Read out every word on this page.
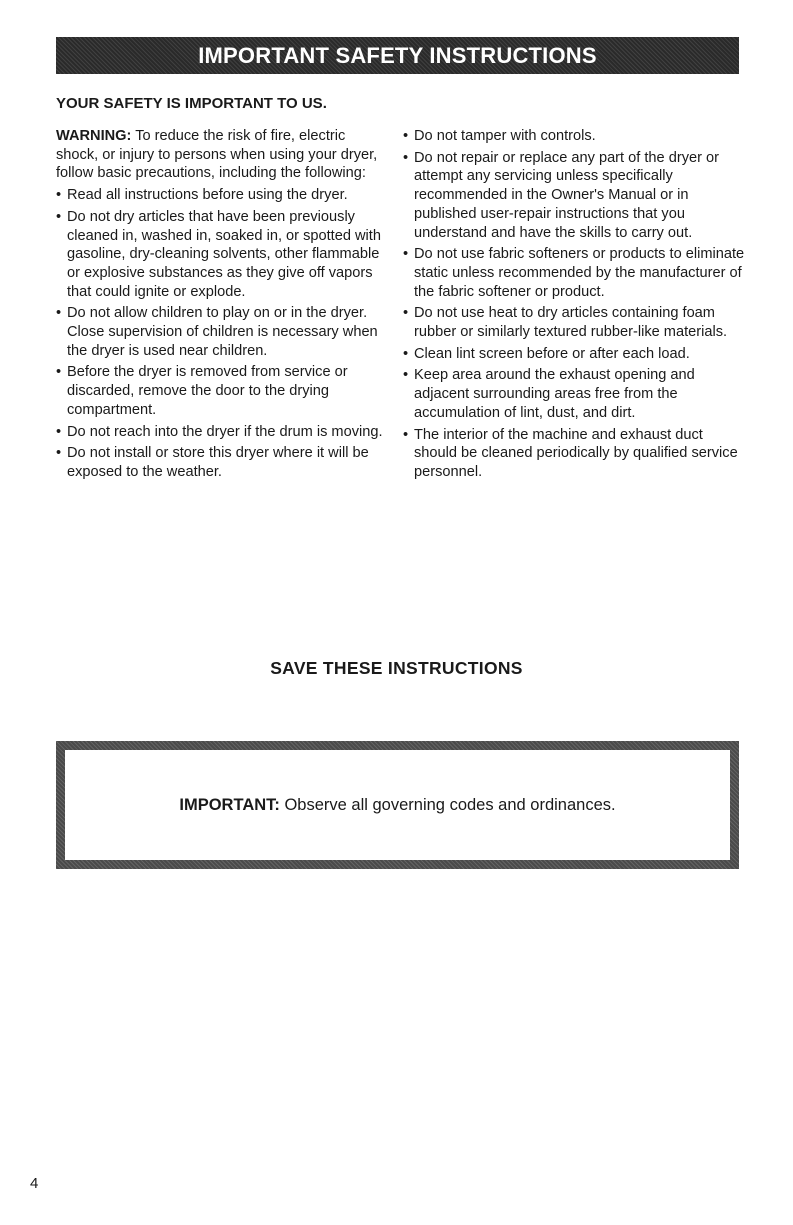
IMPORTANT SAFETY INSTRUCTIONS
YOUR SAFETY IS IMPORTANT TO US.

WARNING: To reduce the risk of fire, electric shock, or injury to persons when using your dryer, follow basic precautions, including the following:

• Read all instructions before using the dryer.
• Do not dry articles that have been previously cleaned in, washed in, soaked in, or spotted with gasoline, dry-cleaning solvents, other flammable or explosive substances as they give off vapors that could ignite or explode.
• Do not allow children to play on or in the dryer. Close supervision of children is necessary when the dryer is used near children.
• Before the dryer is removed from service or discarded, remove the door to the drying compartment.
• Do not reach into the dryer if the drum is moving.
• Do not install or store this dryer where it will be exposed to the weather.
• Do not tamper with controls.
• Do not repair or replace any part of the dryer or attempt any servicing unless specifically recommended in the Owner's Manual or in published user-repair instructions that you understand and have the skills to carry out.
• Do not use fabric softeners or products to eliminate static unless recommended by the manufacturer of the fabric softener or product.
• Do not use heat to dry articles containing foam rubber or similarly textured rubber-like materials.
• Clean lint screen before or after each load.
• Keep area around the exhaust opening and adjacent surrounding areas free from the accumulation of lint, dust, and dirt.
• The interior of the machine and exhaust duct should be cleaned periodically by qualified service personnel.
SAVE THESE INSTRUCTIONS
IMPORTANT: Observe all governing codes and ordinances.
4
